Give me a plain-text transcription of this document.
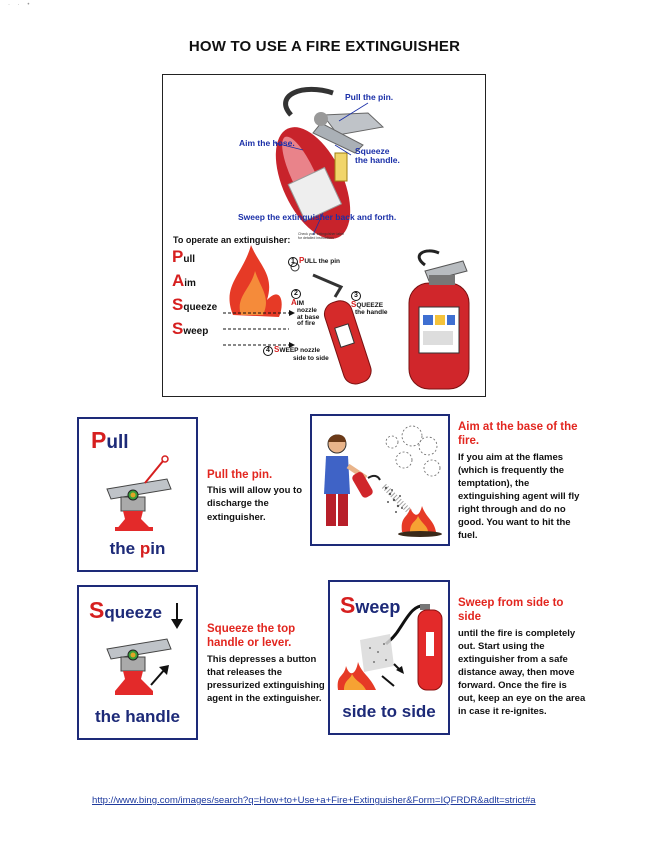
· · •
HOW TO USE A FIRE EXTINGUISHER
Pull the pin.
Aim the hose.
Squeeze
the handle.
Sweep the extinguisher back and forth.
To operate an extinguisher:
Check your extinguisher label for detailed instructions
Pull
Aim
Squeeze
Sweep
1 PULL the pin
2
AIM
nozzle
at base
of fire
3
SQUEEZE
the handle
4 SWEEP nozzle
side to side
Pull
the pin
Pull the pin.
This will allow you to discharge the extinguisher.
Aim at the base of the fire.
If you aim at the flames (which is frequently the temptation), the extinguishing agent will fly right through and do no good. You want to hit the fuel.
Squeeze
the handle
Squeeze the top handle or lever.
This depresses a button that releases the pressurized extinguishing agent in the extinguisher.
Sweep
side to side
Sweep from side to side
until the fire is completely out. Start using the extinguisher from a safe distance away, then move forward. Once the fire is out, keep an eye on the area in case it re-ignites.
http://www.bing.com/images/search?q=How+to+Use+a+Fire+Extinguisher&Form=IQFRDR&adlt=strict#a
